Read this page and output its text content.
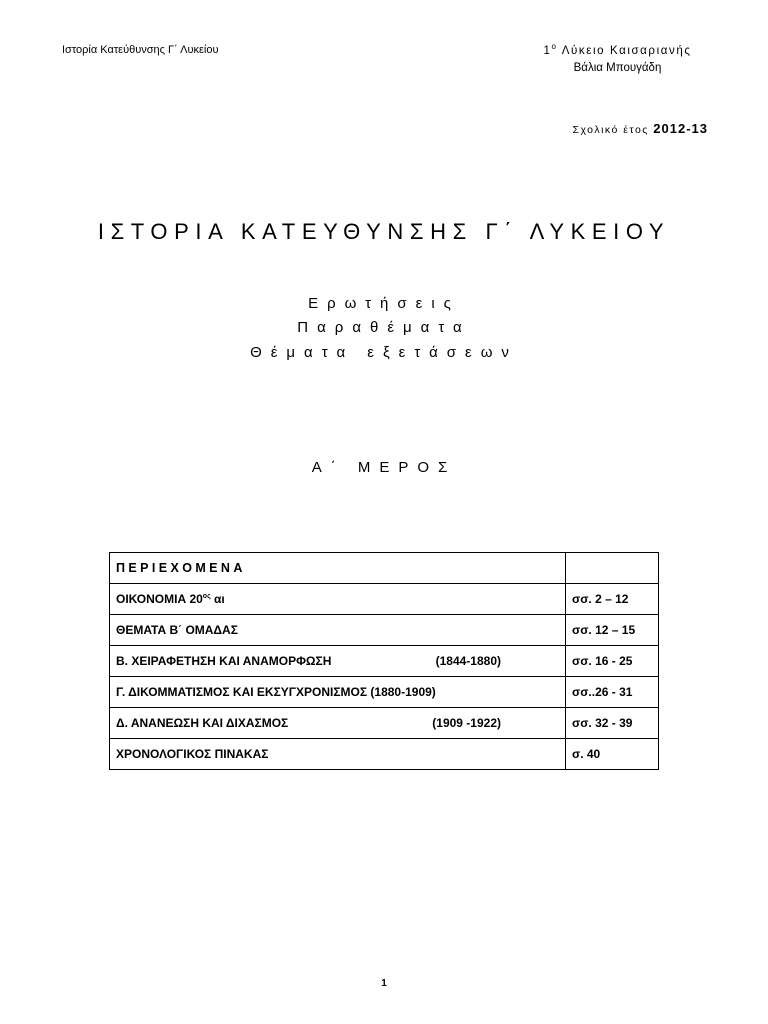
Ιστορία Κατεύθυνσης Γ΄ Λυκείου	$1^o$ Λύκειο Καισαριανής
Βάλια Μπουγάδη
Σχολικό έτος 2012-13
ΙΣΤΟΡΙΑ ΚΑΤΕΥΘΥΝΣΗΣ Γ΄ ΛΥΚΕΙΟΥ
Ερωτήσεις
Παραθέματα
Θέματα εξετάσεων
Α΄ ΜΕΡΟΣ
ΠΕΡΙΕΧΟΜΕΝΑ	
ΟΙΚΟΝΟΜΙΑ $20^{o\varsigma}$ αι	σσ. 2 – 12
ΘΕΜΑΤΑ Β΄ ΟΜΑΔΑΣ	σσ. 12 – 15

Β. ΧΕΙΡΑΦΕΤΗΣΗ ΚΑΙ ΑΝΑΜΟΡΦΩΣΗ (1844-1880)	σσ. 16 - 25
Γ. ΔΙΚΟΜΜΑΤΙΣΜΟΣ ΚΑΙ ΕΚΣΥΓΧΡΟΝΙΣΜΟΣ (1880-1909)	σσ..26 - 31

Δ. ΑΝΑΝΕΩΣΗ ΚΑΙ ΔΙΧΑΣΜΟΣ (1909 -1922)	σσ. 32 - 39
ΧΡΟΝΟΛΟΓΙΚΟΣ ΠΙΝΑΚΑΣ	σ. 40
1
